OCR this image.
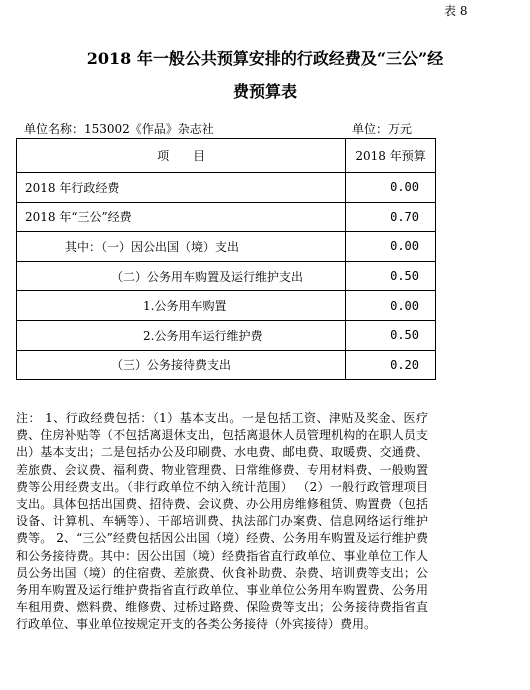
表 8
2018 年一般公共预算安排的行政经费及“三公”经
费预算表
单位名称：153002《作品》杂志社	单位：万元
项　　目	2018 年预算
2018 年行政经费	0.00
2018 年“三公”经费	0.70
其中：（一）因公出国（境）支出	0.00
（二）公务用车购置及运行维护支出	0.50
1.公务用车购置	0.00
2.公务用车运行维护费	0.50
（三）公务接待费支出	0.20
注： 1、行政经费包括：（1）基本支出。一是包括工资、津贴及奖金、医疗费、住房补贴等（不包括离退休支出，包括离退休人员管理机构的在职人员支出）基本支出；二是包括办公及印刷费、水电费、邮电费、取暖费、交通费、差旅费、会议费、福利费、物业管理费、日常维修费、专用材料费、一般购置费等公用经费支出。（非行政单位不纳入统计范围） （2）一般行政管理项目支出。具体包括出国费、招待费、会议费、办公用房维修租赁、购置费（包括设备、计算机、车辆等）、干部培训费、执法部门办案费、信息网络运行维护费等。 2、“三公”经费包括因公出国（境）经费、公务用车购置及运行维护费和公务接待费。其中：因公出国（境）经费指省直行政单位、事业单位工作人员公务出国（境）的住宿费、差旅费、伙食补助费、杂费、培训费等支出；公务用车购置及运行维护费指省直行政单位、事业单位公务用车购置费、公务用车租用费、燃料费、维修费、过桥过路费、保险费等支出；公务接待费指省直行政单位、事业单位按规定开支的各类公务接待（外宾接待）费用。
